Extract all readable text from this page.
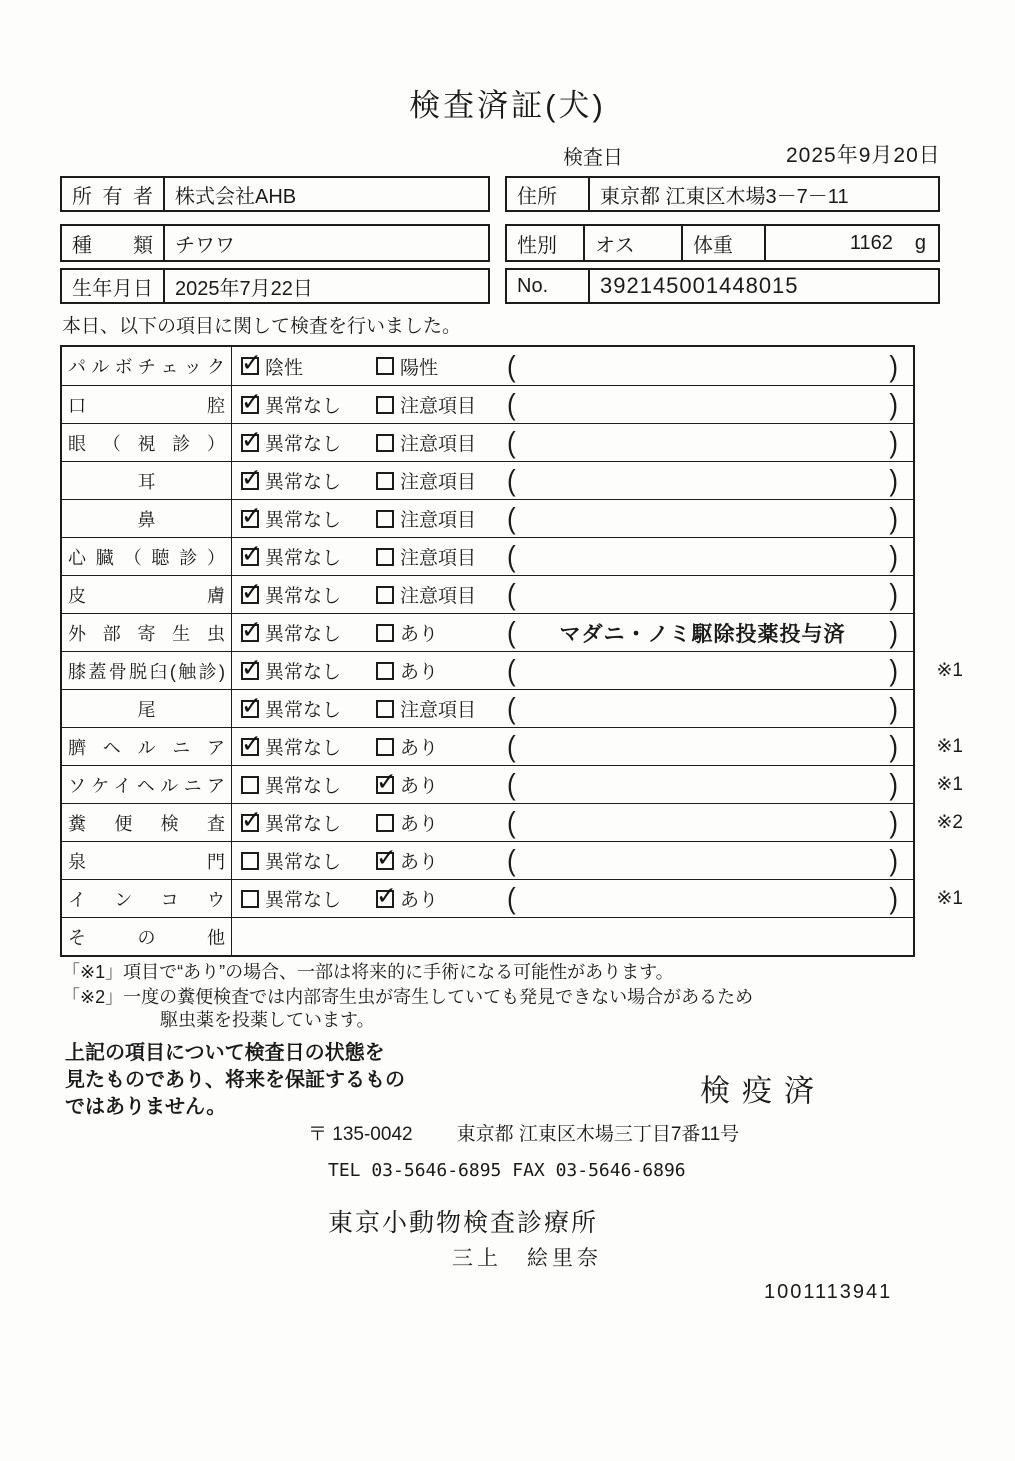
検査済証(犬)
検査日	2025年9月20日
所有者	株式会社AHB	住所	東京都 江東区木場3－7－11
種類	チワワ	性別	オス	体重	1162 g
生年月日	2025年7月22日	No.	392145001448015
本日、以下の項目に関して検査を行いました。
パルボチェック ✓ 陰性	陽性	(	)
口腔 ✓ 異常なし	注意項目 (	)
眼（視診） ✓ 異常なし	注意項目 (	)
耳 ✓	異常なし	注意項目 (	)
鼻 ✓	異常なし	注意項目 (	)
心臓（聴診） ✓ 異常なし	注意項目 (	)
皮膚 ✓ 異常なし	注意項目 (	)
外部寄生虫 ✓ 異常なし	あり	( マダニ・ノミ駆除投薬投与済 )
膝蓋骨脱臼(触診) ✓ 異常なし	あり	(	) ※1
尾 ✓	異常なし	注意項目 (	)
臍ヘルニア ✓ 異常なし	あり	(	) ※1
ソケイヘルニア 異常なし ✓	あり	(	) ※1
糞便検査 ✓ 異常なし	あり	(	) ※2
泉門 異常なし ✓	あり	(	)
インコウ 異常なし ✓	あり	(	) ※1
その他
「※1」項目で“あり”の場合、一部は将来的に手術になる可能性があります。
「※2」一度の糞便検査では内部寄生虫が寄生していても発見できない場合があるため
駆虫薬を投薬しています。
上記の項目について検査日の状態を
見たものであり、将来を保証するもの
ではありません。	検疫済
〒 135-0042 東京都 江東区木場三丁目7番11号
TEL 03-5646-6895 FAX 03-5646-6896
東京小動物検査診療所
三上　絵里奈
1001113941
